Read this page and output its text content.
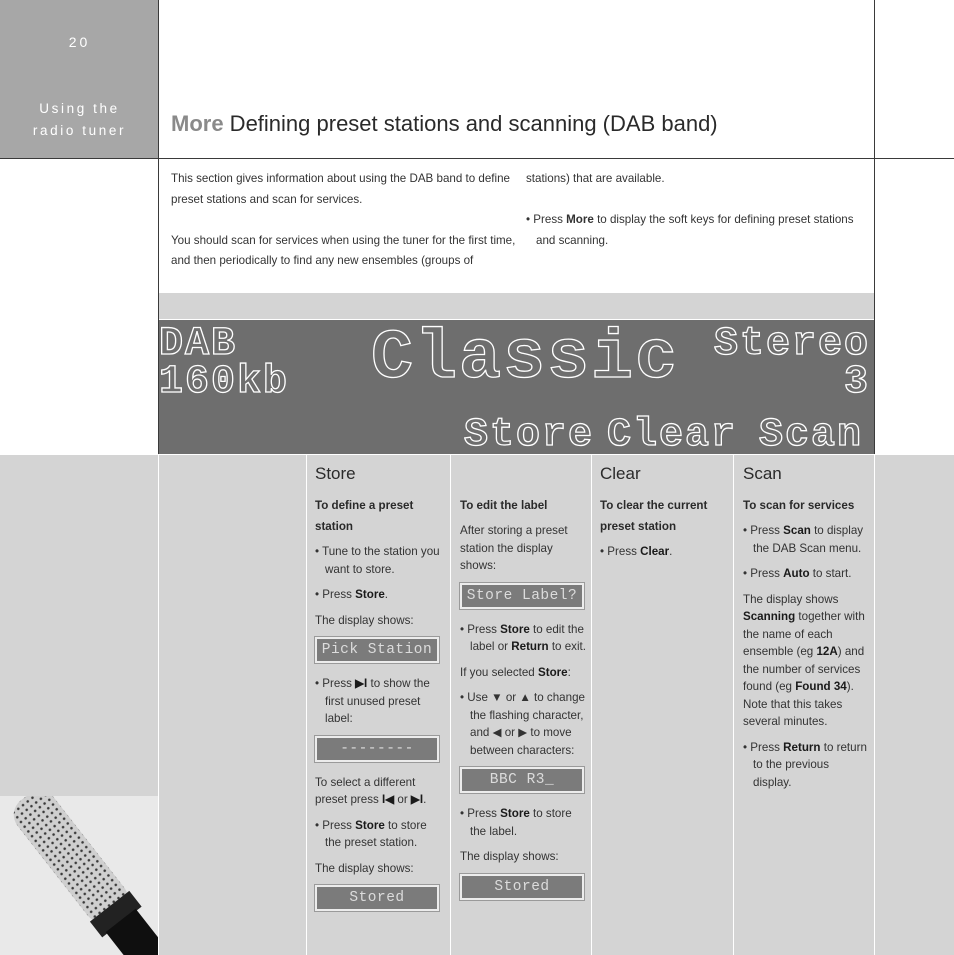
20
Using the
radio tuner	More Defining preset stations and scanning (DAB band)

This section gives information about using the DAB band to define preset stations and scan for services.

You should scan for services when using the tuner for the first time, and then periodically to find any new ensembles (groups of

stations) that are available.

• Press More to display the soft keys for defining preset stations and scanning.

DAB
160kb Classic Stereo
3
Store Clear Scan
Store
To define a preset station
• Tune to the station you want to store.
• Press Store.

The display shows:

Pick Station
• Press ▶I to show the first unused preset label:
--------

To select a different preset press I◀ or ▶I.

• Press Store to store the preset station.

The display shows:

Stored
To edit the label

After storing a preset station the display shows:

Store Label?
• Press Store to edit the label or Return to exit.

If you selected Store:

• Use ▼ or ▲ to change the flashing character, and ◀ or ▶ to move between characters:
BBC R3_
• Press Store to store the label.

The display shows:

Stored
Clear
To clear the current preset station
• Press Clear.
Scan
To scan for services
• Press Scan to display the DAB Scan menu.
• Press Auto to start.

The display shows Scanning together with the name of each ensemble (eg 12A) and the number of services found (eg Found 34). Note that this takes several minutes.

• Press Return to return to the previous display.
